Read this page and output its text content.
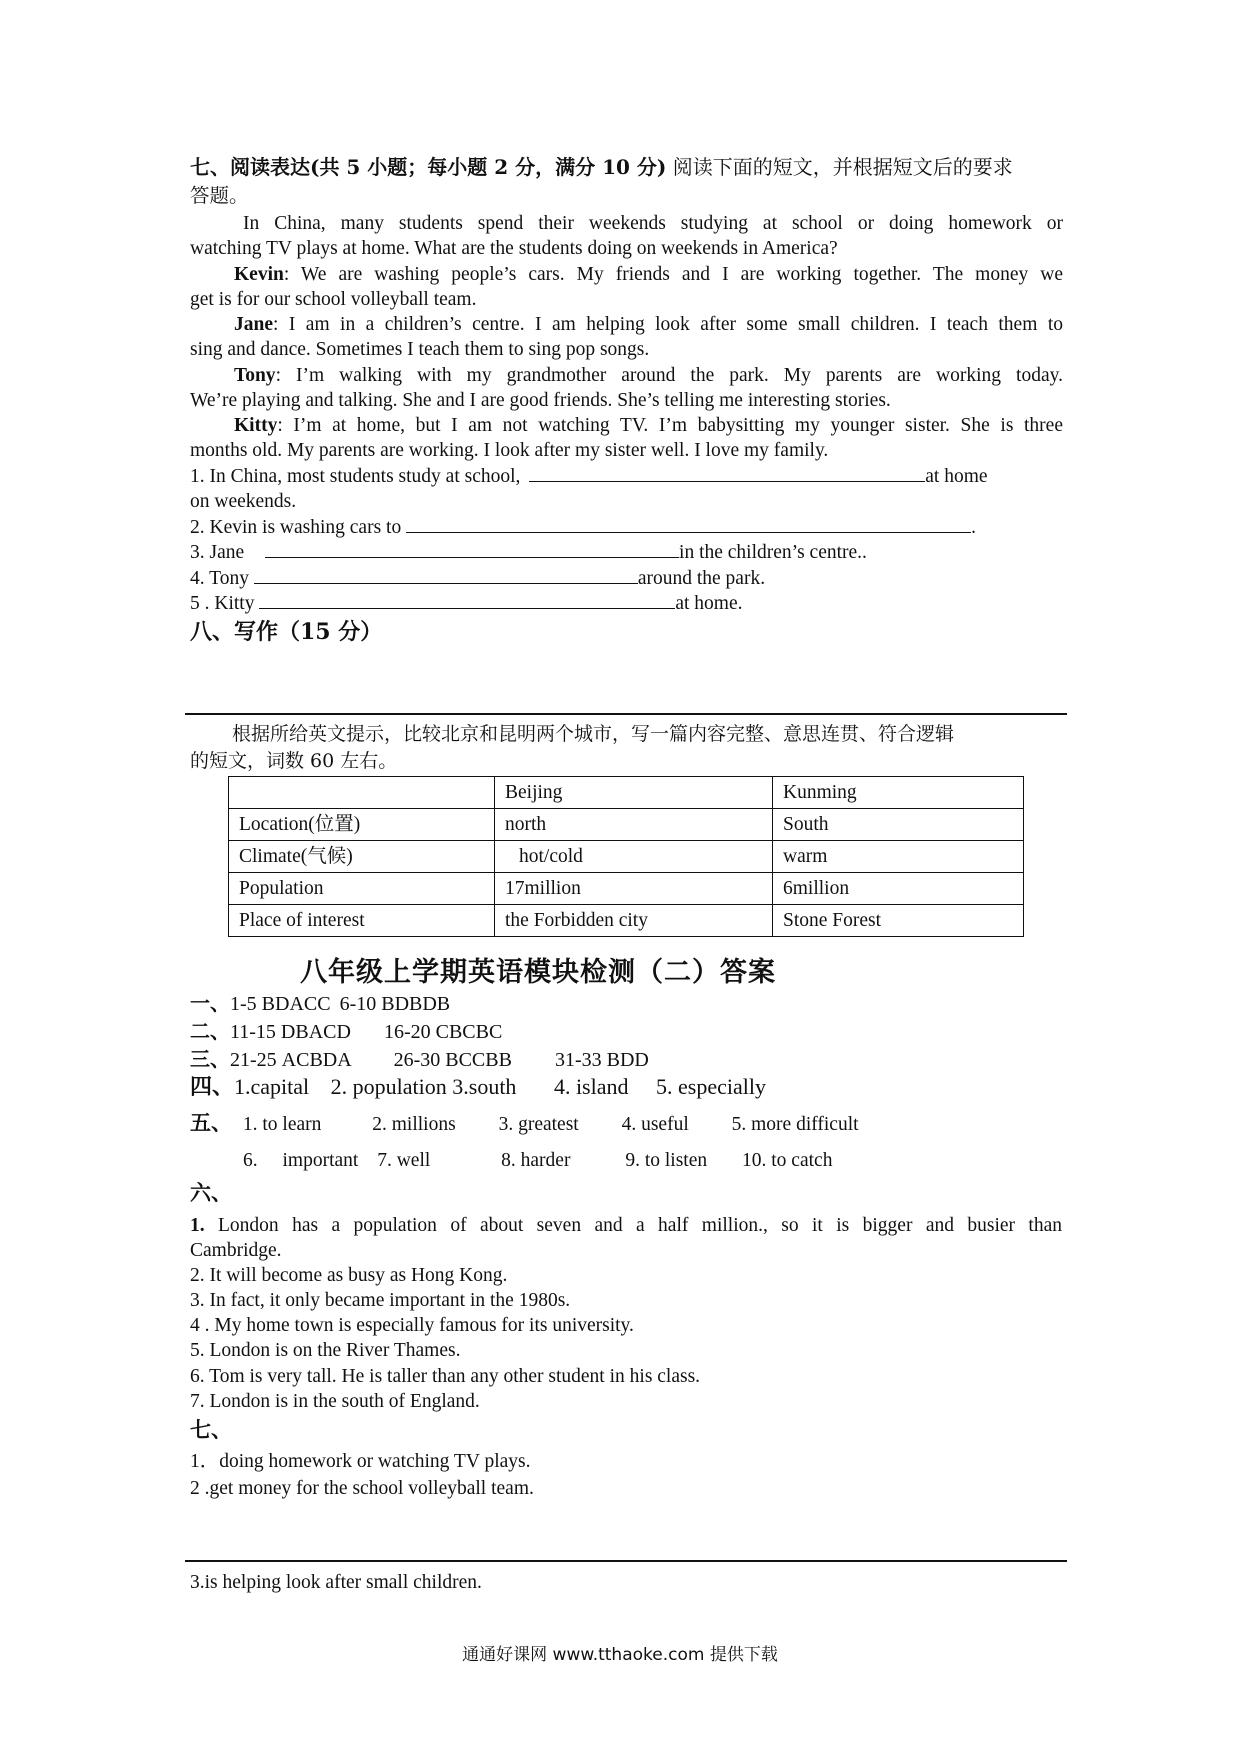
七、阅读表达(共 5 小题；每小题 2 分，满分 10 分) 阅读下面的短文，并根据短文后的要求
答题。
In China, many students spend their weekends studying at school or doing homework or
watching TV plays at home. What are the students doing on weekends in America?
Kevin: We are washing people’s cars. My friends and I are working together. The money we
get is for our school volleyball team.
Jane: I am in a children’s centre. I am helping look after some small children. I teach them to
sing and dance. Sometimes I teach them to sing pop songs.
Tony: I’m walking with my grandmother around the park. My parents are working today.
We’re playing and talking. She and I are good friends. She’s telling me interesting stories.
Kitty: I’m at home, but I am not watching TV. I’m babysitting my younger sister. She is three
months old. My parents are working. I look after my sister well. I love my family.
1. In China, most students study at school,	at home
on weekends.
2. Kevin is washing cars to	.
3. Jane	in the children’s centre..
4. Tony	around the park.
5 . Kitty	at home.
八、写作（15 分）
根据所给英文提示，比较北京和昆明两个城市，写一篇内容完整、意思连贯、符合逻辑
的短文，词数 60 左右。
	Beijing	Kunming
Location(位置)	north	South
Climate(气候)	hot/cold	warm
Population	17million	6million
Place of interest	the Forbidden city	Stone Forest
八年级上学期英语模块检测（二）答案
一、1-5 BDACC 6-10 BDBDB
二、11-15 DBACD 16-20 CBCBC
三、21-25 ACBDA 26-30 BCCBB 31-33 BDD
四、1.capital 2. population 3.south 4. island 5. especially
五、 1. to learn	2. millions 3. greatest 4. useful 5. more difficult
6. important 7. well	8. harder	9. to listen 10. to catch
六、
1. London has a population of about seven and a half million., so it is bigger and busier than
Cambridge.
2. It will become as busy as Hong Kong.
3. In fact, it only became important in the 1980s.
4 . My home town is especially famous for its university.
5. London is on the River Thames.
6. Tom is very tall. He is taller than any other student in his class.
7. London is in the south of England.
七、
1．doing homework or watching TV plays.
2 .get money for the school volleyball team.
3.is helping look after small children.
通通好课网 www.tthaoke.com 提供下载
